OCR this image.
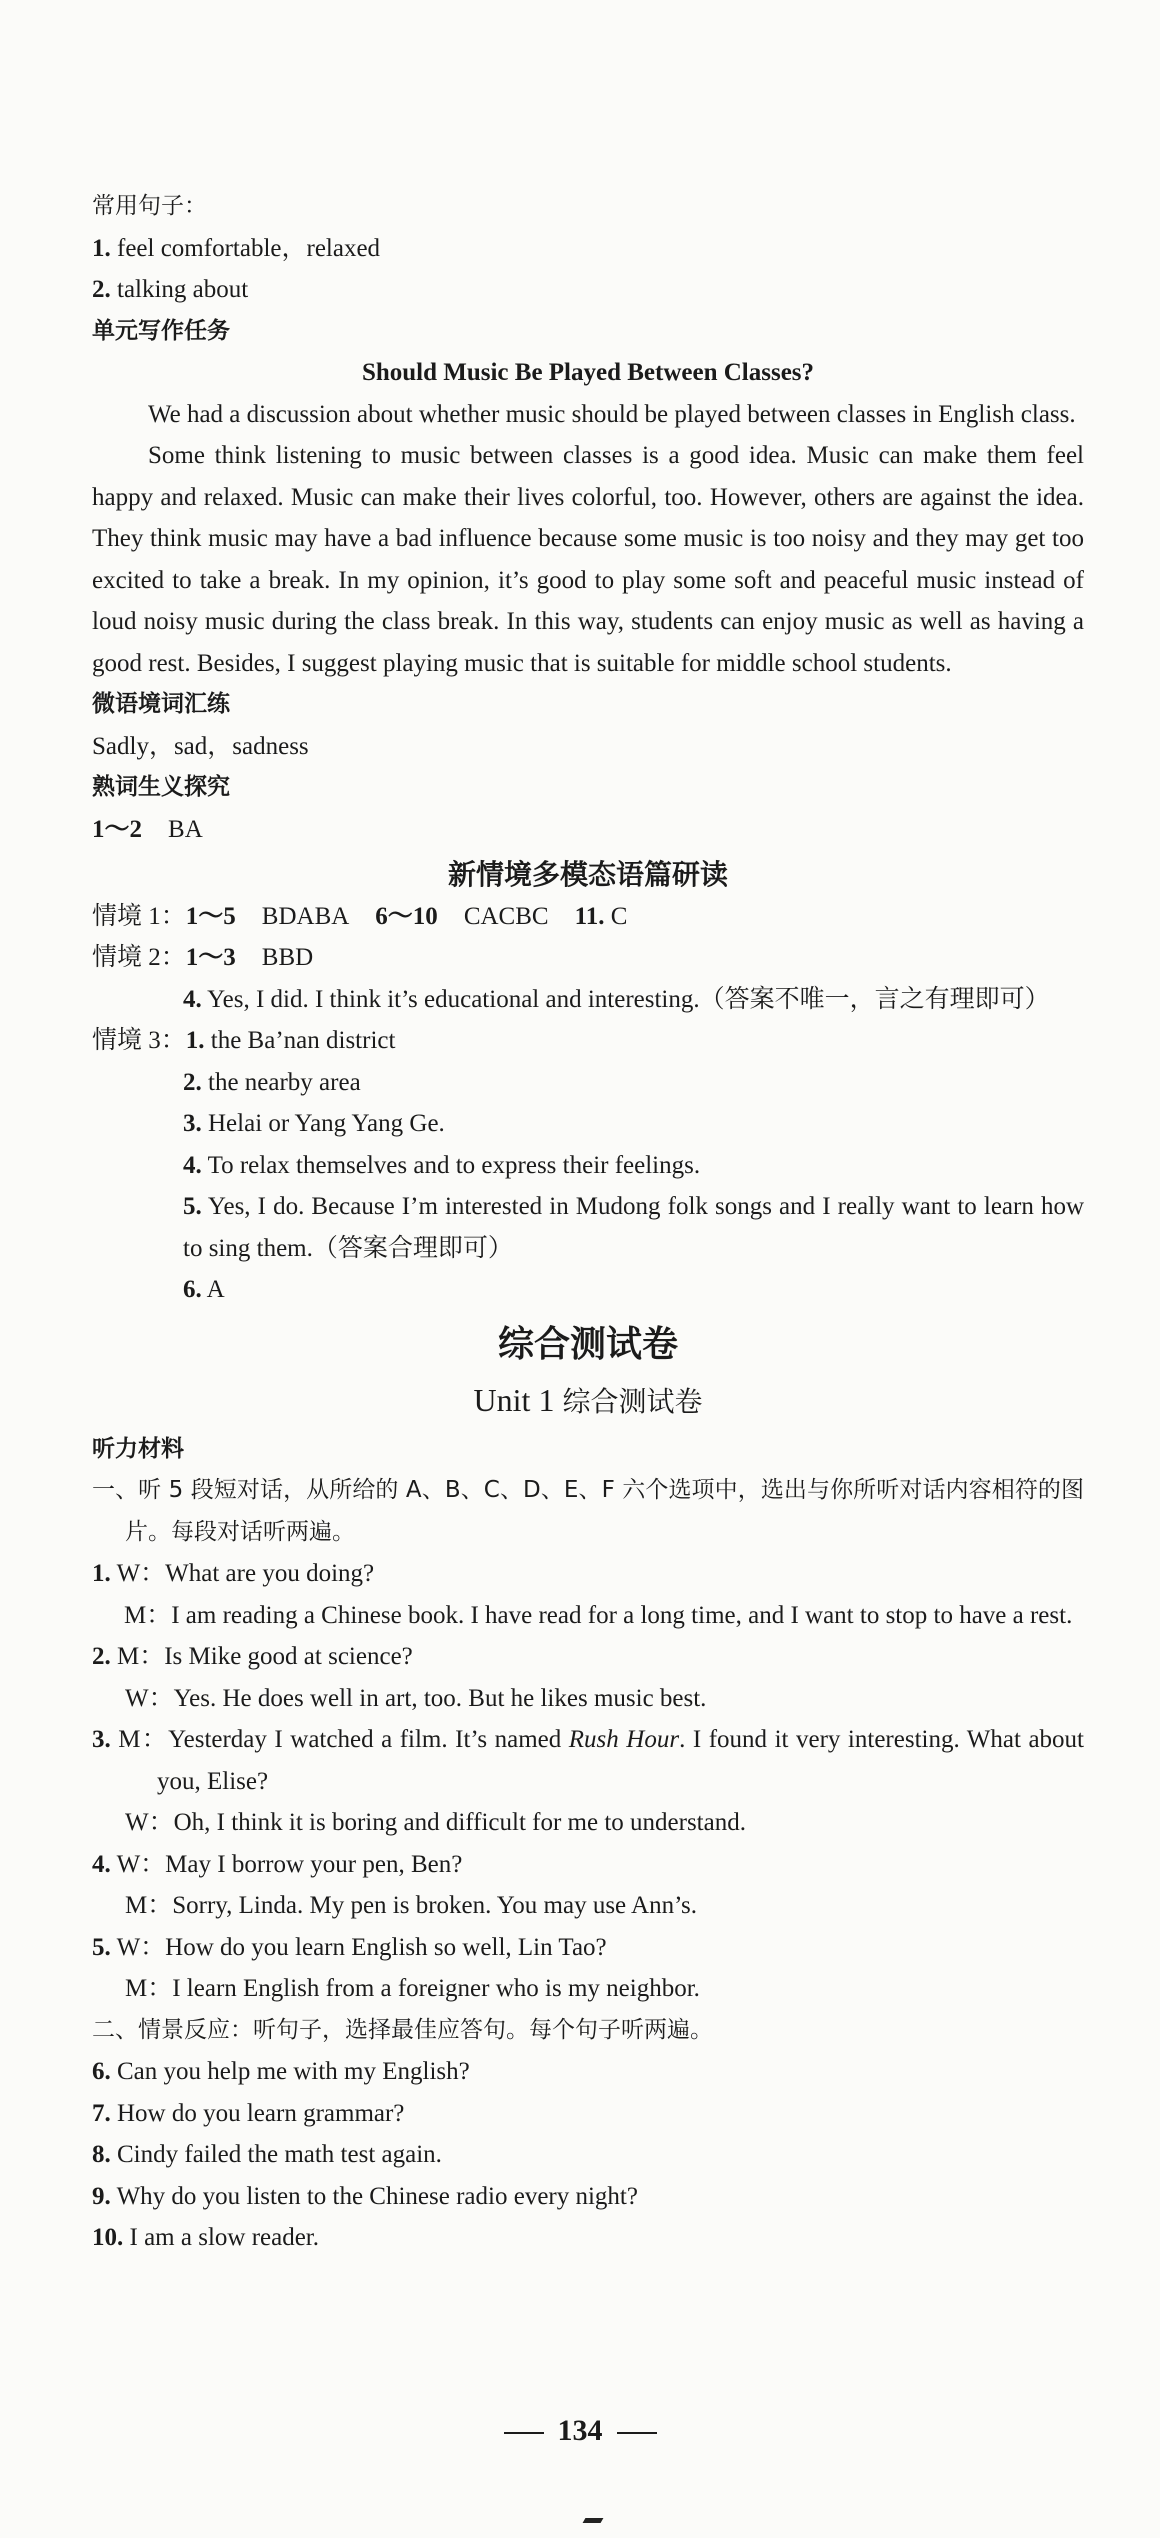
常用句子：
1. feel comfortable，relaxed
2. talking about
单元写作任务
Should Music Be Played Between Classes?
We had a discussion about whether music should be played between classes in English class.
Some think listening to music between classes is a good idea. Music can make them feel happy and relaxed. Music can make their lives colorful, too. However, others are against the idea. They think music may have a bad influence because some music is too noisy and they may get too excited to take a break. In my opinion, it’s good to play some soft and peaceful music instead of loud noisy music during the class break. In this way, students can enjoy music as well as having a good rest. Besides, I suggest playing music that is suitable for middle school students.
微语境词汇练
Sadly，sad，sadness
熟词生义探究
1～2 BA
新情境多模态语篇研读
情境 1：1～5 BDABA 6～10 CACBC 11. C
情境 2：1～3 BBD
4. Yes, I did. I think it’s educational and interesting.（答案不唯一，言之有理即可）
情境 3：1. the Ba’nan district
2. the nearby area
3. Helai or Yang Yang Ge.
4. To relax themselves and to express their feelings.
5. Yes, I do. Because I’m interested in Mudong folk songs and I really want to learn how to sing them.（答案合理即可）
6. A
综合测试卷
Unit 1 综合测试卷
听力材料
一、听 5 段短对话，从所给的 A、B、C、D、E、F 六个选项中，选出与你所听对话内容相符的图片。每段对话听两遍。
1. W：What are you doing?
M：I am reading a Chinese book. I have read for a long time, and I want to stop to have a rest.
2. M：Is Mike good at science?
W：Yes. He does well in art, too. But he likes music best.
3. M：Yesterday I watched a film. It’s named Rush Hour. I found it very interesting. What about you, Elise?
W：Oh, I think it is boring and difficult for me to understand.
4. W：May I borrow your pen, Ben?
M：Sorry, Linda. My pen is broken. You may use Ann’s.
5. W：How do you learn English so well, Lin Tao?
M：I learn English from a foreigner who is my neighbor.
二、情景反应：听句子，选择最佳应答句。每个句子听两遍。
6. Can you help me with my English?
7. How do you learn grammar?
8. Cindy failed the math test again.
9. Why do you listen to the Chinese radio every night?
10. I am a slow reader.
134
